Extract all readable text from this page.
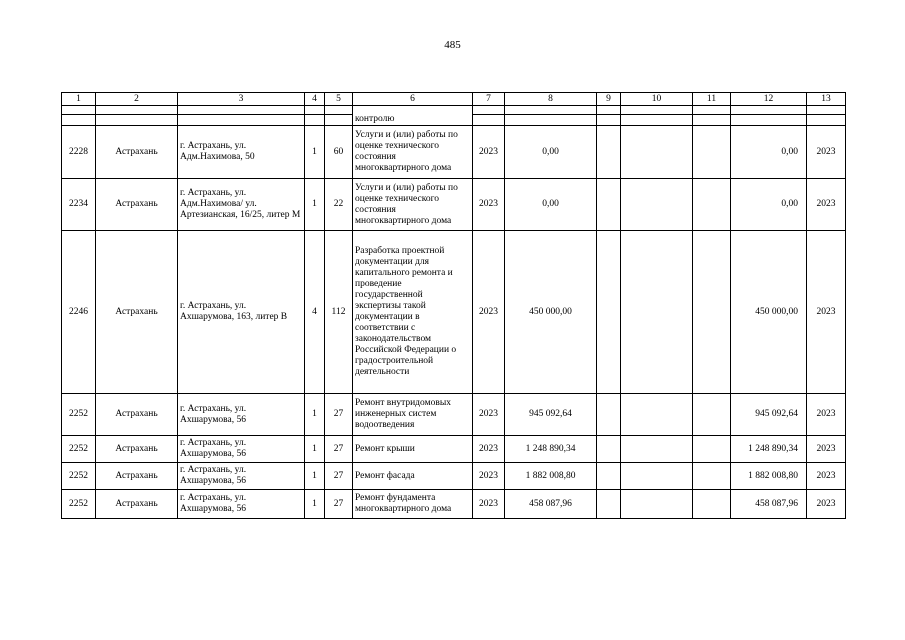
485
1	2	3	4	5	6	7	8	9	10	11	12	13
					контролю							

2228	Астрахань	г. Астрахань, ул. Адм.Нахимова, 50	1	60	Услуги и (или) работы по оценке технического состояния многоквартирного дома	2023	0,00				0,00	2023
2234	Астрахань	г. Астрахань, ул. Адм.Нахимова/ ул. Артезианская, 16/25, литер М	1	22	Услуги и (или) работы по оценке технического состояния многоквартирного дома	2023	0,00				0,00	2023
2246	Астрахань	г. Астрахань, ул. Ахшарумова, 163, литер В	4	112	Разработка проектной документации для капитального ремонта и проведение государственной экспертизы такой документации в соответствии с законодательством Российской Федерации о градостроительной деятельности	2023	450 000,00				450 000,00	2023
2252	Астрахань	г. Астрахань, ул. Ахшарумова, 56	1	27	Ремонт внутридомовых инженерных систем водоотведения	2023	945 092,64				945 092,64	2023
2252	Астрахань	г. Астрахань, ул. Ахшарумова, 56	1	27	Ремонт крыши	2023	1 248 890,34				1 248 890,34	2023
2252	Астрахань	г. Астрахань, ул. Ахшарумова, 56	1	27	Ремонт фасада	2023	1 882 008,80				1 882 008,80	2023
2252	Астрахань	г. Астрахань, ул. Ахшарумова, 56	1	27	Ремонт фундамента многоквартирного дома	2023	458 087,96				458 087,96	2023
